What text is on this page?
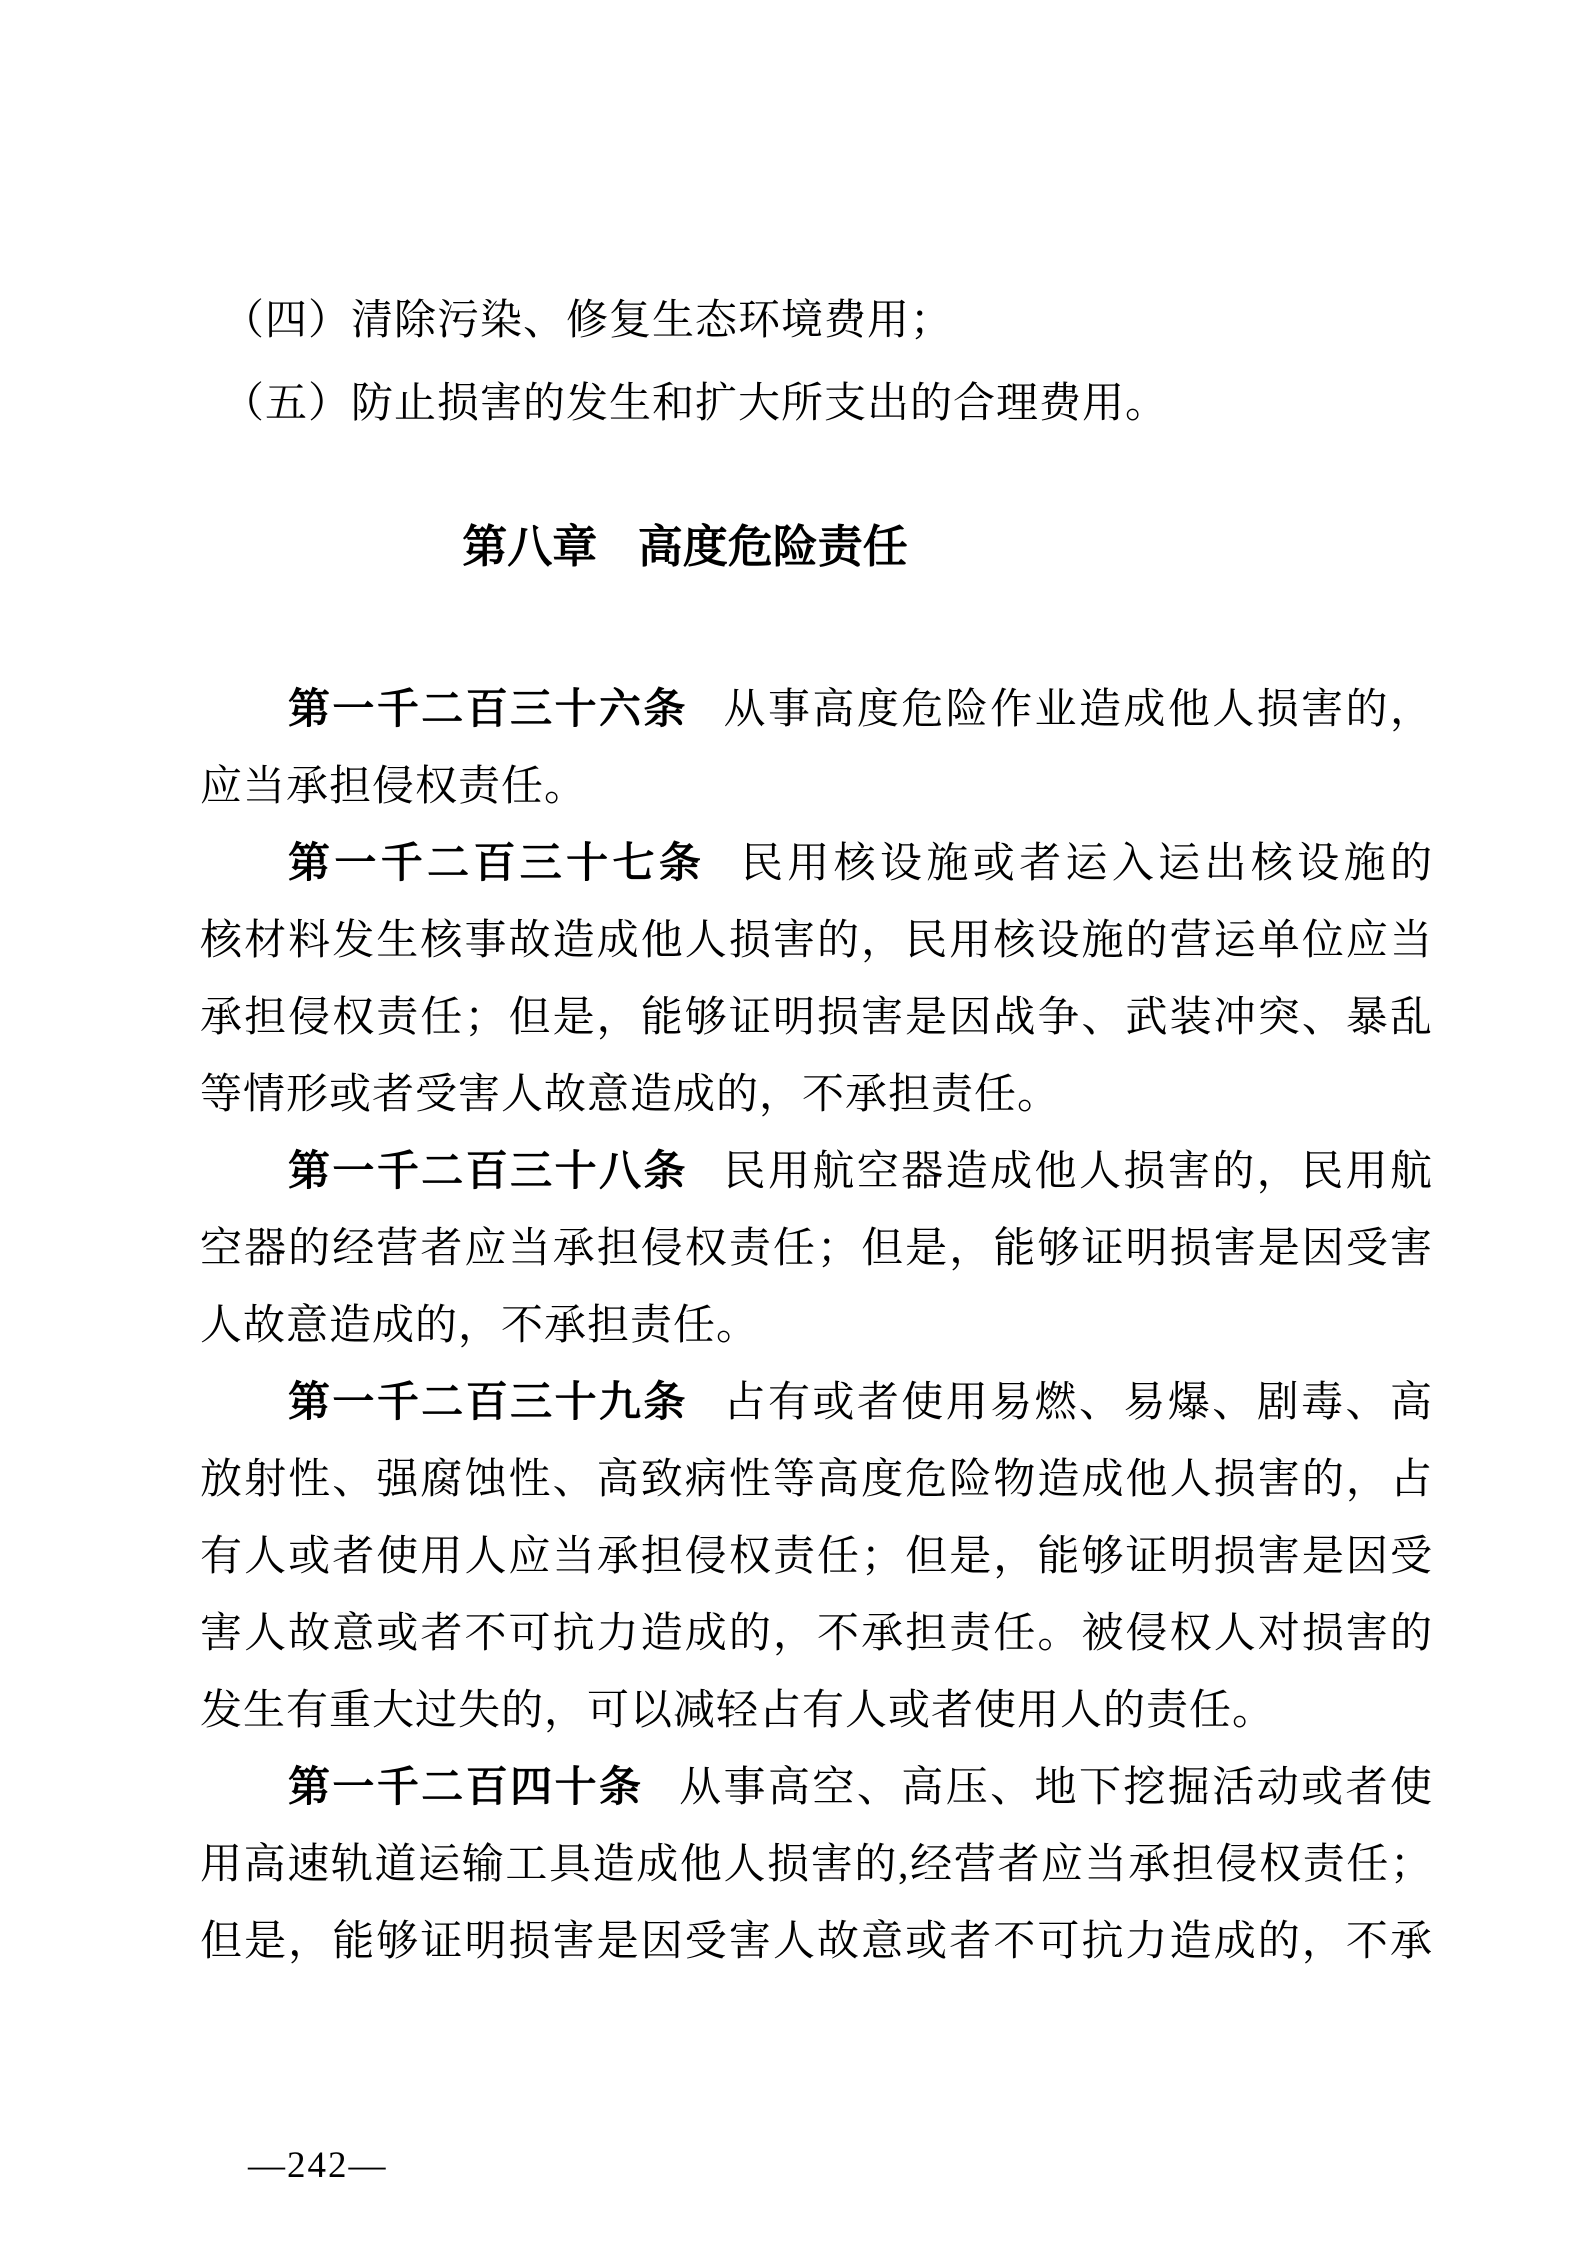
（四）清除污染、修复生态环境费用；
（五）防止损害的发生和扩大所支出的合理费用。
第八章 高度危险责任
第一千二百三十六条 从事高度危险作业造成他人损害的，
应当承担侵权责任。
第一千二百三十七条 民用核设施或者运入运出核设施的
核材料发生核事故造成他人损害的，民用核设施的营运单位应当
承担侵权责任；但是，能够证明损害是因战争、武装冲突、暴乱
等情形或者受害人故意造成的，不承担责任。
第一千二百三十八条 民用航空器造成他人损害的，民用航
空器的经营者应当承担侵权责任；但是，能够证明损害是因受害
人故意造成的，不承担责任。
第一千二百三十九条 占有或者使用易燃、易爆、剧毒、高
放射性、强腐蚀性、高致病性等高度危险物造成他人损害的，占
有人或者使用人应当承担侵权责任；但是，能够证明损害是因受
害人故意或者不可抗力造成的，不承担责任。被侵权人对损害的
发生有重大过失的，可以减轻占有人或者使用人的责任。
第一千二百四十条 从事高空、高压、地下挖掘活动或者使
用高速轨道运输工具造成他人损害的,经营者应当承担侵权责任；
但是，能够证明损害是因受害人故意或者不可抗力造成的，不承
—242—
